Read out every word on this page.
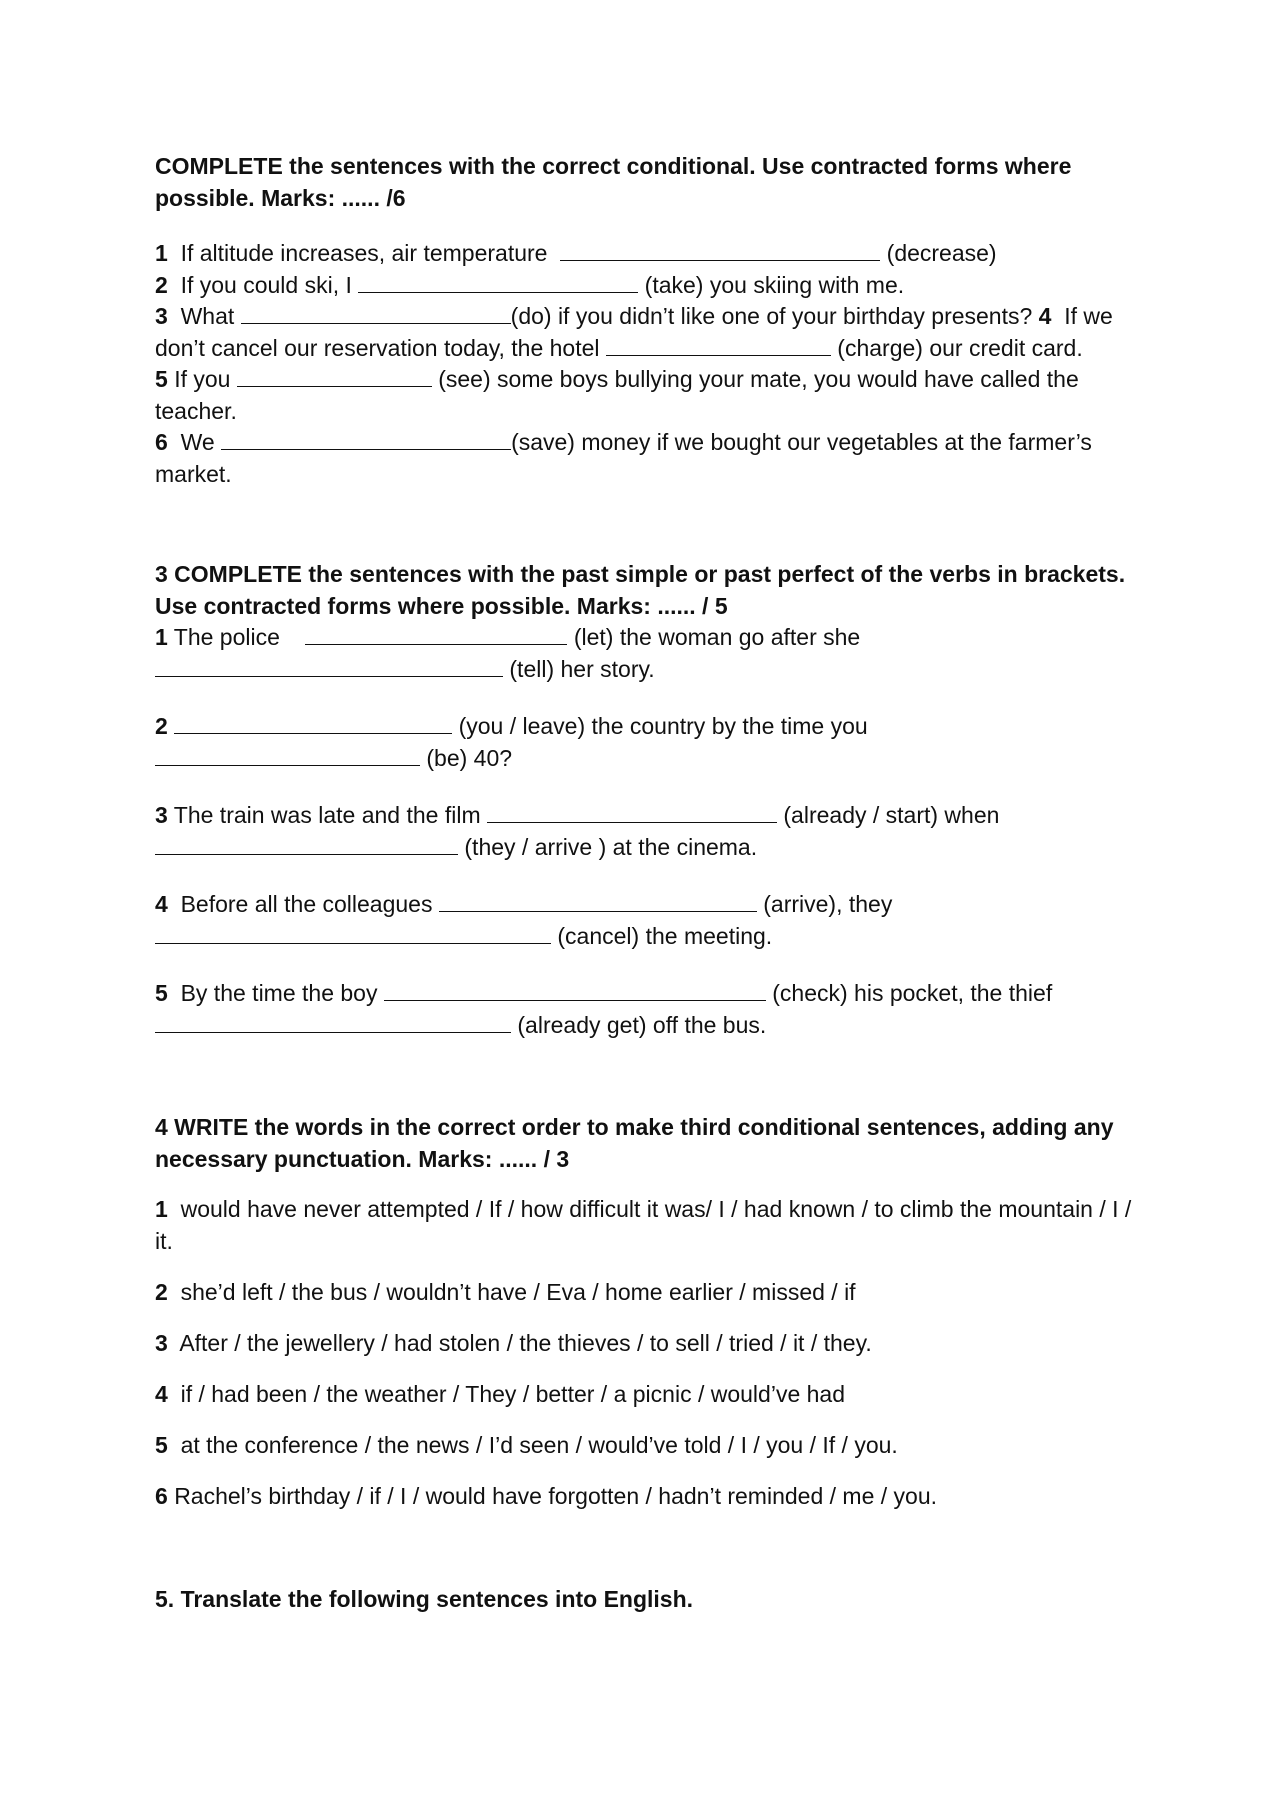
COMPLETE the sentences with the correct conditional. Use contracted forms where possible. Marks: ...... /6

1 If altitude increases, air temperature	(decrease)

2 If you could ski, I	(take) you skiing with me.

3 What	(do) if you didn’t like one of your birthday presents? 4 If we

don’t cancel our reservation today, the hotel	(charge) our credit card.

5 If you	(see) some boys bullying your mate, you would have called the

teacher.

6 We	(save) money if we bought our vegetables at the farmer’s

market.

3 COMPLETE the sentences with the past simple or past perfect of the verbs in brackets. Use contracted forms where possible. Marks: ...... / 5

1 The police	(let) the woman go after she

(tell) her story.

2	(you / leave) the country by the time you

(be) 40?

3 The train was late and the film	(already / start) when

(they / arrive ) at the cinema.

4 Before all the colleagues	(arrive), they

(cancel) the meeting.

5 By the time the boy	(check) his pocket, the thief

(already get) off the bus.

4 WRITE the words in the correct order to make third conditional sentences, adding any necessary punctuation. Marks: ...... / 3

1 would have never attempted / If / how difficult it was/ I / had known / to climb the mountain / I / it.

2 she’d left / the bus / wouldn’t have / Eva / home earlier / missed / if

3 After / the jewellery / had stolen / the thieves / to sell / tried / it / they.

4 if / had been / the weather / They / better / a picnic / would’ve had

5 at the conference / the news / I’d seen / would’ve told / I / you / If / you.

6 Rachel’s birthday / if / I / would have forgotten / hadn’t reminded / me / you.

5. Translate the following sentences into English.
